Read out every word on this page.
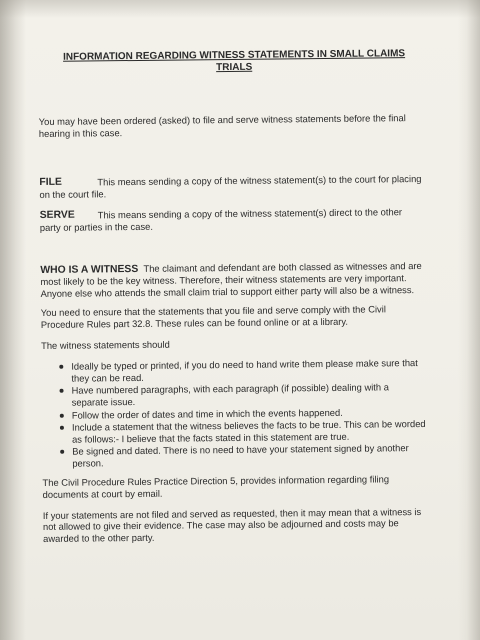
INFORMATION REGARDING WITNESS STATEMENTS IN SMALL CLAIMS
TRIALS

You may have been ordered (asked) to file and serve witness statements before the final hearing in this case.

FILE	This means sending a copy of the witness statement(s) to the court for placing on the court file.
SERVE	This means sending a copy of the witness statement(s) direct to the other party or parties in the case.

WHO IS A WITNESS The claimant and defendant are both classed as witnesses and are most likely to be the key witness. Therefore, their witness statements are very important. Anyone else who attends the small claim trial to support either party will also be a witness.

You need to ensure that the statements that you file and serve comply with the Civil Procedure Rules part 32.8. These rules can be found online or at a library.

The witness statements should

Ideally be typed or printed, if you do need to hand write them please make sure that they can be read.
Have numbered paragraphs, with each paragraph (if possible) dealing with a separate issue.
Follow the order of dates and time in which the events happened.
Include a statement that the witness believes the facts to be true. This can be worded as follows:- I believe that the facts stated in this statement are true.
Be signed and dated. There is no need to have your statement signed by another person.

The Civil Procedure Rules Practice Direction 5, provides information regarding filing documents at court by email.

If your statements are not filed and served as requested, then it may mean that a witness is not allowed to give their evidence. The case may also be adjourned and costs may be awarded to the other party.
